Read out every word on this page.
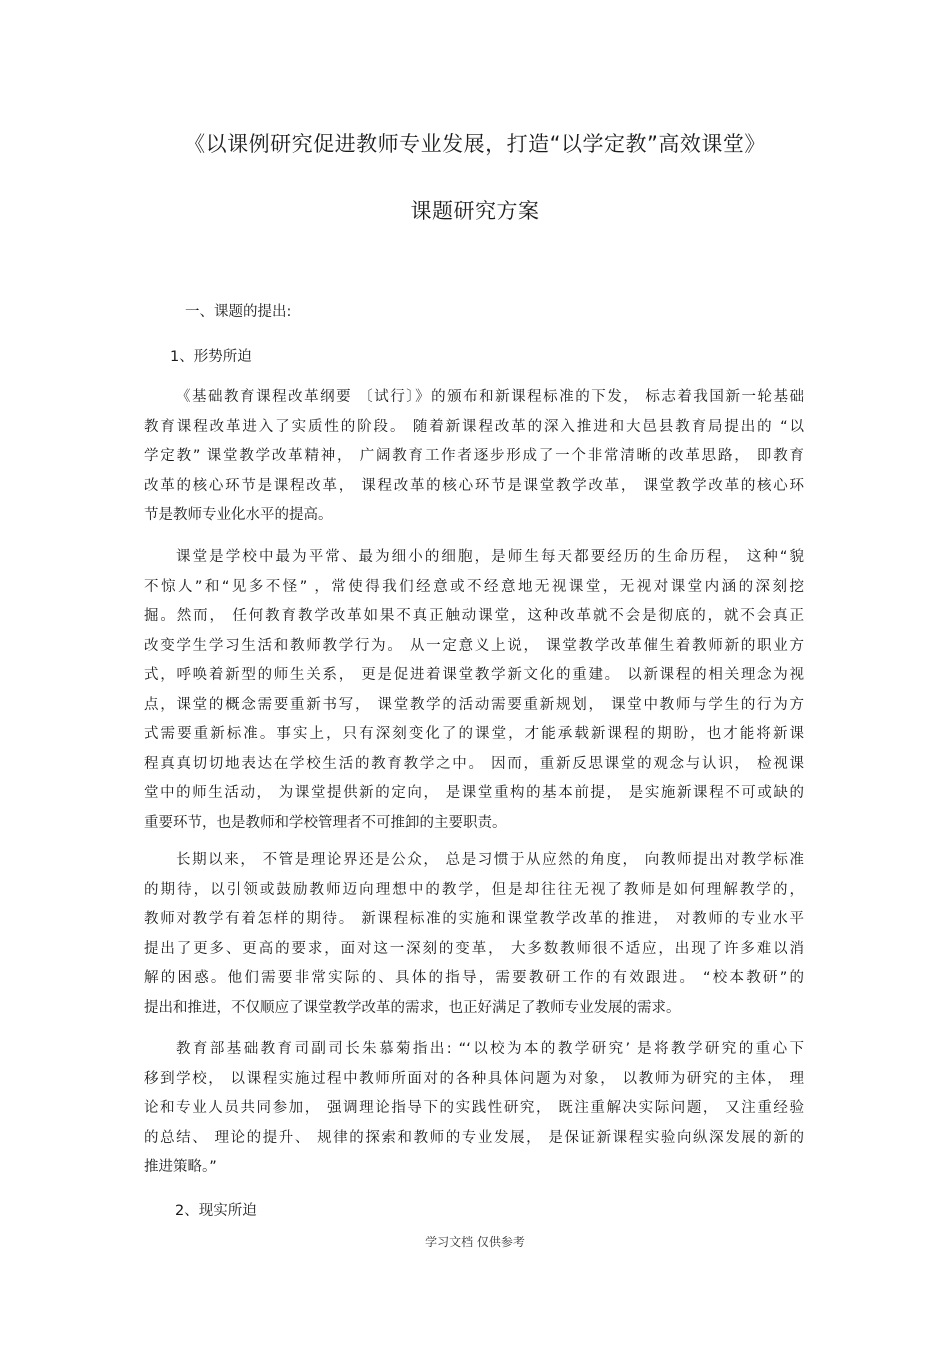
《以课例研究促进教师专业发展，打造“以学定教”高效课堂》
课题研究方案
一、课题的提出:
1、形势所迫
《基础教育课程改革纲要 〔试行〕》的颁布和新课程标准的下发， 标志着我国新一轮基础
教育课程改革进入了实质性的阶段。 随着新课程改革的深入推进和大邑县教育局提出的 “以
学定教” 课堂教学改革精神， 广阔教育工作者逐步形成了一个非常清晰的改革思路， 即教育
改革的核心环节是课程改革， 课程改革的核心环节是课堂教学改革， 课堂教学改革的核心环
节是教师专业化水平的提高。
课堂是学校中最为平常、最为细小的细胞，是师生每天都要经历的生命历程， 这种“貌
不惊人”和“见多不怪” ，常使得我们经意或不经意地无视课堂，无视对课堂内涵的深刻挖
掘。然而， 任何教育教学改革如果不真正触动课堂，这种改革就不会是彻底的，就不会真正
改变学生学习生活和教师教学行为。 从一定意义上说， 课堂教学改革催生着教师新的职业方
式，呼唤着新型的师生关系， 更是促进着课堂教学新文化的重建。 以新课程的相关理念为视
点，课堂的概念需要重新书写， 课堂教学的活动需要重新规划， 课堂中教师与学生的行为方
式需要重新标准。事实上，只有深刻变化了的课堂，才能承载新课程的期盼，也才能将新课
程真真切切地表达在学校生活的教育教学之中。 因而，重新反思课堂的观念与认识， 检视课
堂中的师生活动， 为课堂提供新的定向， 是课堂重构的基本前提， 是实施新课程不可或缺的
重要环节，也是教师和学校管理者不可推卸的主要职责。
长期以来， 不管是理论界还是公众， 总是习惯于从应然的角度， 向教师提出对教学标准
的期待，以引领或鼓励教师迈向理想中的教学，但是却往往无视了教师是如何理解教学的，
教师对教学有着怎样的期待。 新课程标准的实施和课堂教学改革的推进， 对教师的专业水平
提出了更多、更高的要求，面对这一深刻的变革， 大多数教师很不适应，出现了许多难以消
解的困惑。他们需要非常实际的、具体的指导，需要教研工作的有效跟进。 “校本教研”的
提出和推进，不仅顺应了课堂教学改革的需求，也正好满足了教师专业发展的需求。
教育部基础教育司副司长朱慕菊指出: “‘以校为本的教学研究’ 是将教学研究的重心下
移到学校， 以课程实施过程中教师所面对的各种具体问题为对象， 以教师为研究的主体， 理
论和专业人员共同参加， 强调理论指导下的实践性研究， 既注重解决实际问题， 又注重经验
的总结、 理论的提升、 规律的探索和教师的专业发展， 是保证新课程实验向纵深发展的新的
推进策略。”
2、现实所迫
学习文档 仅供参考
